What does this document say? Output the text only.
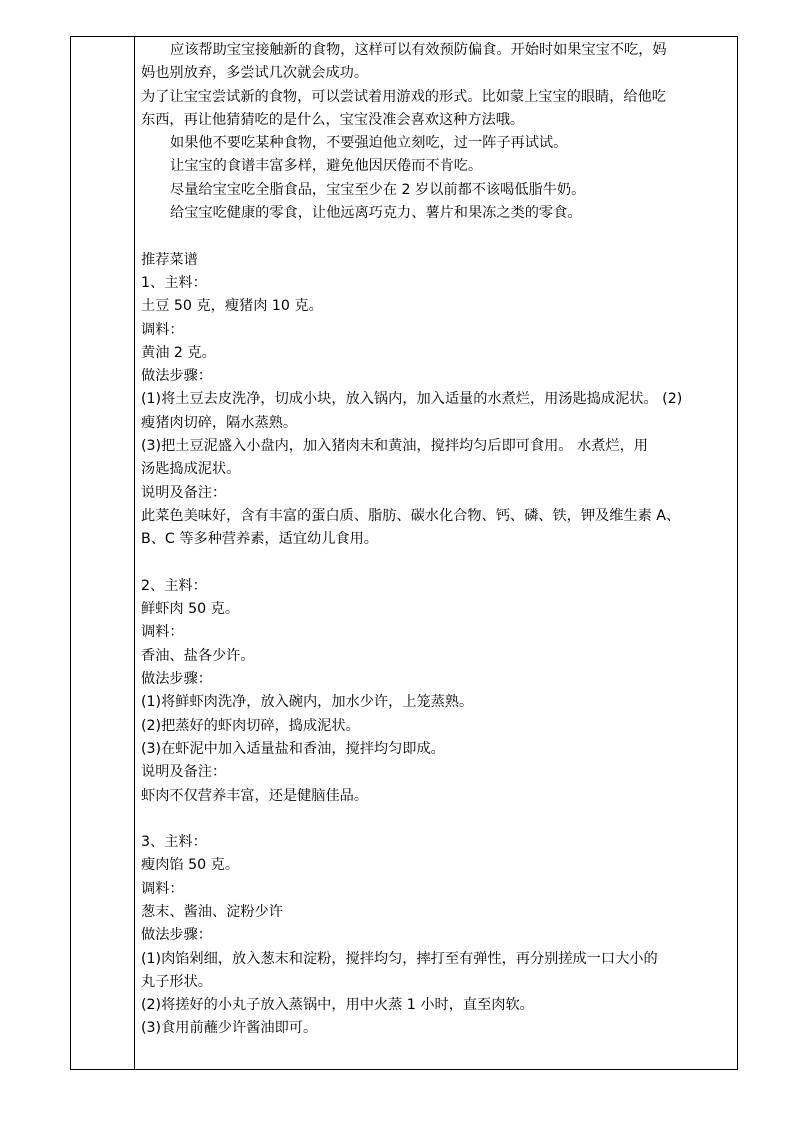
应该帮助宝宝接触新的食物，这样可以有效预防偏食。开始时如果宝宝不吃，妈
妈也别放弃，多尝试几次就会成功。
为了让宝宝尝试新的食物，可以尝试着用游戏的形式。比如蒙上宝宝的眼睛，给他吃
东西，再让他猜猜吃的是什么，宝宝没准会喜欢这种方法哦。
如果他不要吃某种食物，不要强迫他立刻吃，过一阵子再试试。
让宝宝的食谱丰富多样，避免他因厌倦而不肯吃。
尽量给宝宝吃全脂食品，宝宝至少在 2 岁以前都不该喝低脂牛奶。
给宝宝吃健康的零食，让他远离巧克力、薯片和果冻之类的零食。
推荐菜谱
1、主料：
土豆 50 克，瘦猪肉 10 克。
调料：
黄油 2 克。
做法步骤：
(1)将土豆去皮洗净，切成小块，放入锅内，加入适量的水煮烂，用汤匙捣成泥状。 (2)
瘦猪肉切碎，隔水蒸熟。
(3)把土豆泥盛入小盘内，加入猪肉末和黄油，搅拌均匀后即可食用。 水煮烂，用
汤匙捣成泥状。
说明及备注：
此菜色美味好，含有丰富的蛋白质、脂肪、碳水化合物、钙、磷、铁，钾及维生素 A、
B、C 等多种营养素，适宜幼儿食用。
2、主料：
鲜虾肉 50 克。
调料：
香油、盐各少许。
做法步骤：
(1)将鲜虾肉洗净，放入碗内，加水少许，上笼蒸熟。
(2)把蒸好的虾肉切碎，捣成泥状。
(3)在虾泥中加入适量盐和香油，搅拌均匀即成。
说明及备注：
虾肉不仅营养丰富，还是健脑佳品。
3、主料：
瘦肉馅 50 克。
调料：
葱末、酱油、淀粉少许
做法步骤：
(1)肉馅剁细，放入葱末和淀粉，搅拌均匀，摔打至有弹性，再分别搓成一口大小的
丸子形状。
(2)将搓好的小丸子放入蒸锅中，用中火蒸 1 小时，直至肉软。
(3)食用前蘸少许酱油即可。
